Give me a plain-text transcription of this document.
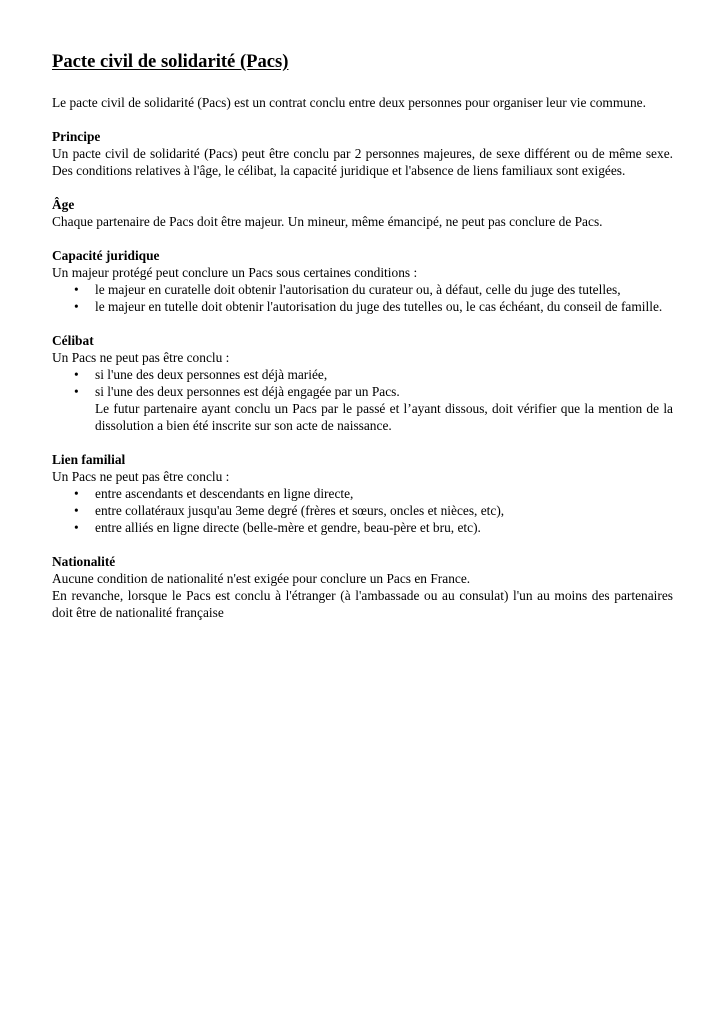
Pacte civil de solidarité (Pacs)

Le pacte civil de solidarité (Pacs) est un contrat conclu entre deux personnes pour organiser leur vie commune.

Principe

Un pacte civil de solidarité (Pacs) peut être conclu par 2 personnes majeures, de sexe différent ou de même sexe. Des conditions relatives à l'âge, le célibat, la capacité juridique et l'absence de liens familiaux sont exigées.

Âge

Chaque partenaire de Pacs doit être majeur. Un mineur, même émancipé, ne peut pas conclure de Pacs.

Capacité juridique

Un majeur protégé peut conclure un Pacs sous certaines conditions :

• le majeur en curatelle doit obtenir l'autorisation du curateur ou, à défaut, celle du juge des tutelles,
• le majeur en tutelle doit obtenir l'autorisation du juge des tutelles ou, le cas échéant, du conseil de famille.

Célibat

Un Pacs ne peut pas être conclu :

• si l'une des deux personnes est déjà mariée,
• si l'une des deux personnes est déjà engagée par un Pacs.
Le futur partenaire ayant conclu un Pacs par le passé et l’ayant dissous, doit vérifier que la mention de la dissolution a bien été inscrite sur son acte de naissance.

Lien familial

Un Pacs ne peut pas être conclu :

• entre ascendants et descendants en ligne directe,
• entre collatéraux jusqu'au 3eme degré (frères et sœurs, oncles et nièces, etc),
• entre alliés en ligne directe (belle-mère et gendre, beau-père et bru, etc).

Nationalité

Aucune condition de nationalité n'est exigée pour conclure un Pacs en France.

En revanche, lorsque le Pacs est conclu à l'étranger (à l'ambassade ou au consulat) l'un au moins des partenaires doit être de nationalité française
